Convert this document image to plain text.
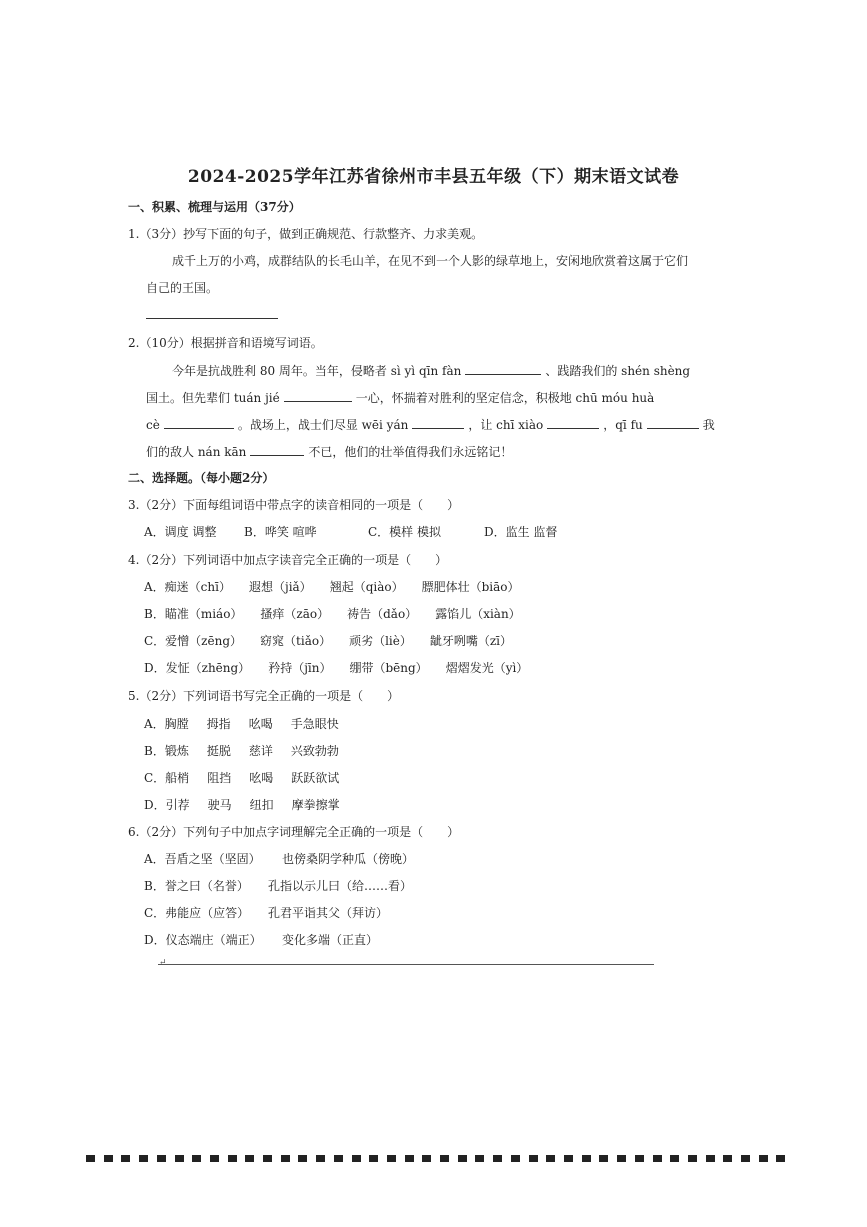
2024-2025学年江苏省徐州市丰县五年级（下）期末语文试卷
一、积累、梳理与运用（37分）
1.（3分）抄写下面的句子，做到正确规范、行款整齐、力求美观。
成千上万的小鸡，成群结队的长毛山羊，在见不到一个人影的绿草地上，安闲地欣赏着这属于它们
自己的王国。
2.（10分）根据拼音和语境写词语。
今年是抗战胜利 80 周年。当年，侵略者 sì yì qīn fàn	、践踏我们的 shén shèng
国土。但先辈们 tuán jié	一心，怀揣着对胜利的坚定信念，积极地 chū móu huà
cè	。战场上，战士们尽显 wēi yán	，让 chī xiào	，qī fu	我
们的敌人 nán kān	不已，他们的壮举值得我们永远铭记！
二、选择题。（每小题2分）
3.（2分）下面每组词语中带点字的读音相同的一项是（　　）
A．调度 调整 B．哗笑 喧哗	C．模样 模拟	D．监生 监督
4.（2分）下列词语中加点字读音完全正确的一项是（　　）
A．痴迷（chī） 遐想（jiǎ） 翘起（qiào） 膘肥体壮（biāo）
B．瞄准（miáo） 搔痒（zāo） 祷告（dǎo） 露馅儿（xiàn）
C．爱憎（zēng） 窈窕（tiǎo） 顽劣（liè） 龇牙咧嘴（zī）
D．发怔（zhēng） 矜持（jīn） 绷带（bēng） 熠熠发光（yì）
5.（2分）下列词语书写完全正确的一项是（　　）
A．胸膛 拇指 吆喝 手急眼快
B．锻炼 挺脱 慈详 兴致勃勃
C．船梢 阻挡 吆喝 跃跃欲试
D．引荐 驶马 纽扣 摩拳擦掌
6.（2分）下列句子中加点字词理解完全正确的一项是（　　）
A．吾盾之坚（坚固） 也傍桑阴学种瓜（傍晚）
B．誉之曰（名誉） 孔指以示儿曰（给……看）
C．弗能应（应答） 孔君平诣其父（拜访）
D．仪态端庄（端正） 变化多端（正直）
↵
